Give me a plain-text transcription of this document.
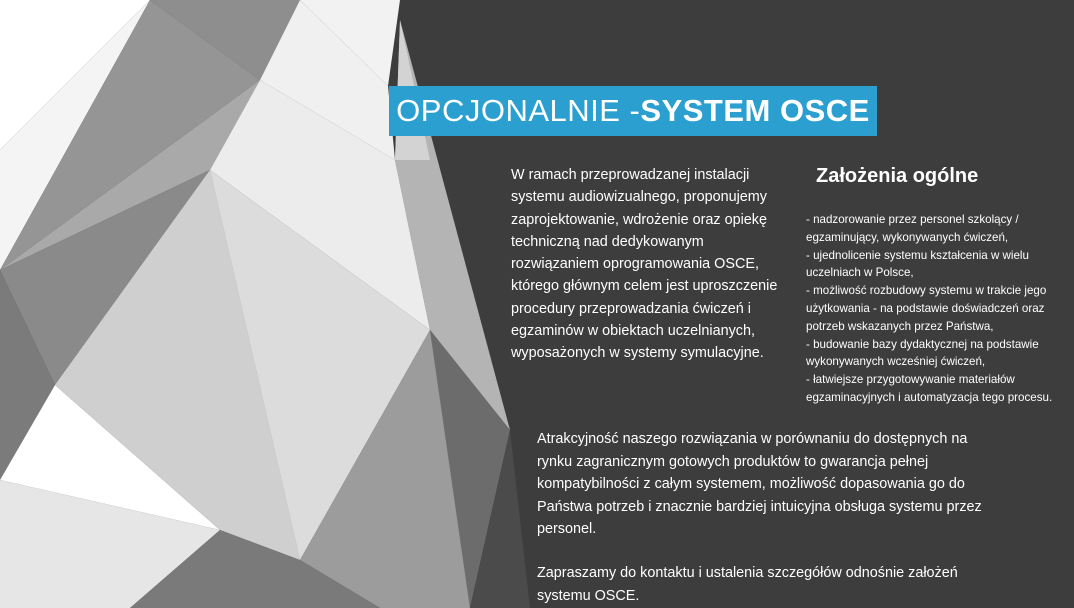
OPCJONALNIE - SYSTEM OSCE

W ramach przeprowadzanej instalacji systemu audiowizualnego, proponujemy zaprojektowanie, wdrożenie oraz opiekę techniczną nad dedykowanym rozwiązaniem oprogramowania OSCE, którego głównym celem jest uproszczenie procedury przeprowadzania ćwiczeń i egzaminów w obiektach uczelnianych, wyposażonych w systemy symulacyjne.

Założenia ogólne

- nadzorowanie przez personel szkolący / egzaminujący, wykonywanych ćwiczeń,

- ujednolicenie systemu kształcenia w wielu uczelniach w Polsce,

- możliwość rozbudowy systemu w trakcie jego użytkowania - na podstawie doświadczeń oraz potrzeb wskazanych przez Państwa,

- budowanie bazy dydaktycznej na podstawie wykonywanych wcześniej ćwiczeń,

- łatwiejsze przygotowywanie materiałów egzaminacyjnych i automatyzacja tego procesu.

Atrakcyjność naszego rozwiązania w porównaniu do dostępnych na rynku zagranicznym gotowych produktów to gwarancja pełnej kompatybilności z całym systemem, możliwość dopasowania go do Państwa potrzeb i znacznie bardziej intuicyjna obsługa systemu przez personel.

Zapraszamy do kontaktu i ustalenia szczegółów odnośnie założeń systemu OSCE.
